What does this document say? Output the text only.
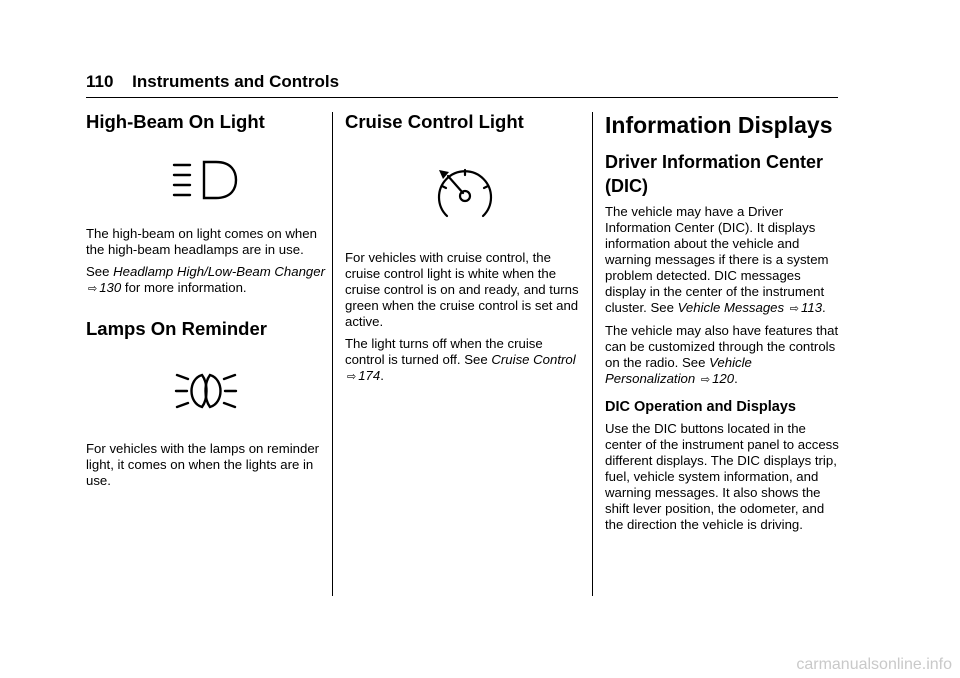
110 Instruments and Controls
High-Beam On Light

The high-beam on light comes on when the high-beam headlamps are in use.

See Headlamp High/Low-Beam Changer ⇨ 130 for more information.

Lamps On Reminder

For vehicles with the lamps on reminder light, it comes on when the lights are in use.

Cruise Control Light

For vehicles with cruise control, the cruise control light is white when the cruise control is on and ready, and turns green when the cruise control is set and active.

The light turns off when the cruise control is turned off. See Cruise Control ⇨ 174.

Information Displays
Driver Information Center (DIC)

The vehicle may have a Driver Information Center (DIC). It displays information about the vehicle and warning messages if there is a system problem detected. DIC messages display in the center of the instrument cluster. See Vehicle Messages ⇨ 113.

The vehicle may also have features that can be customized through the controls on the radio. See Vehicle Personalization ⇨ 120.

DIC Operation and Displays

Use the DIC buttons located in the center of the instrument panel to access different displays. The DIC displays trip, fuel, vehicle system information, and warning messages. It also shows the shift lever position, the odometer, and the direction the vehicle is driving.

carmanualsonline.info
